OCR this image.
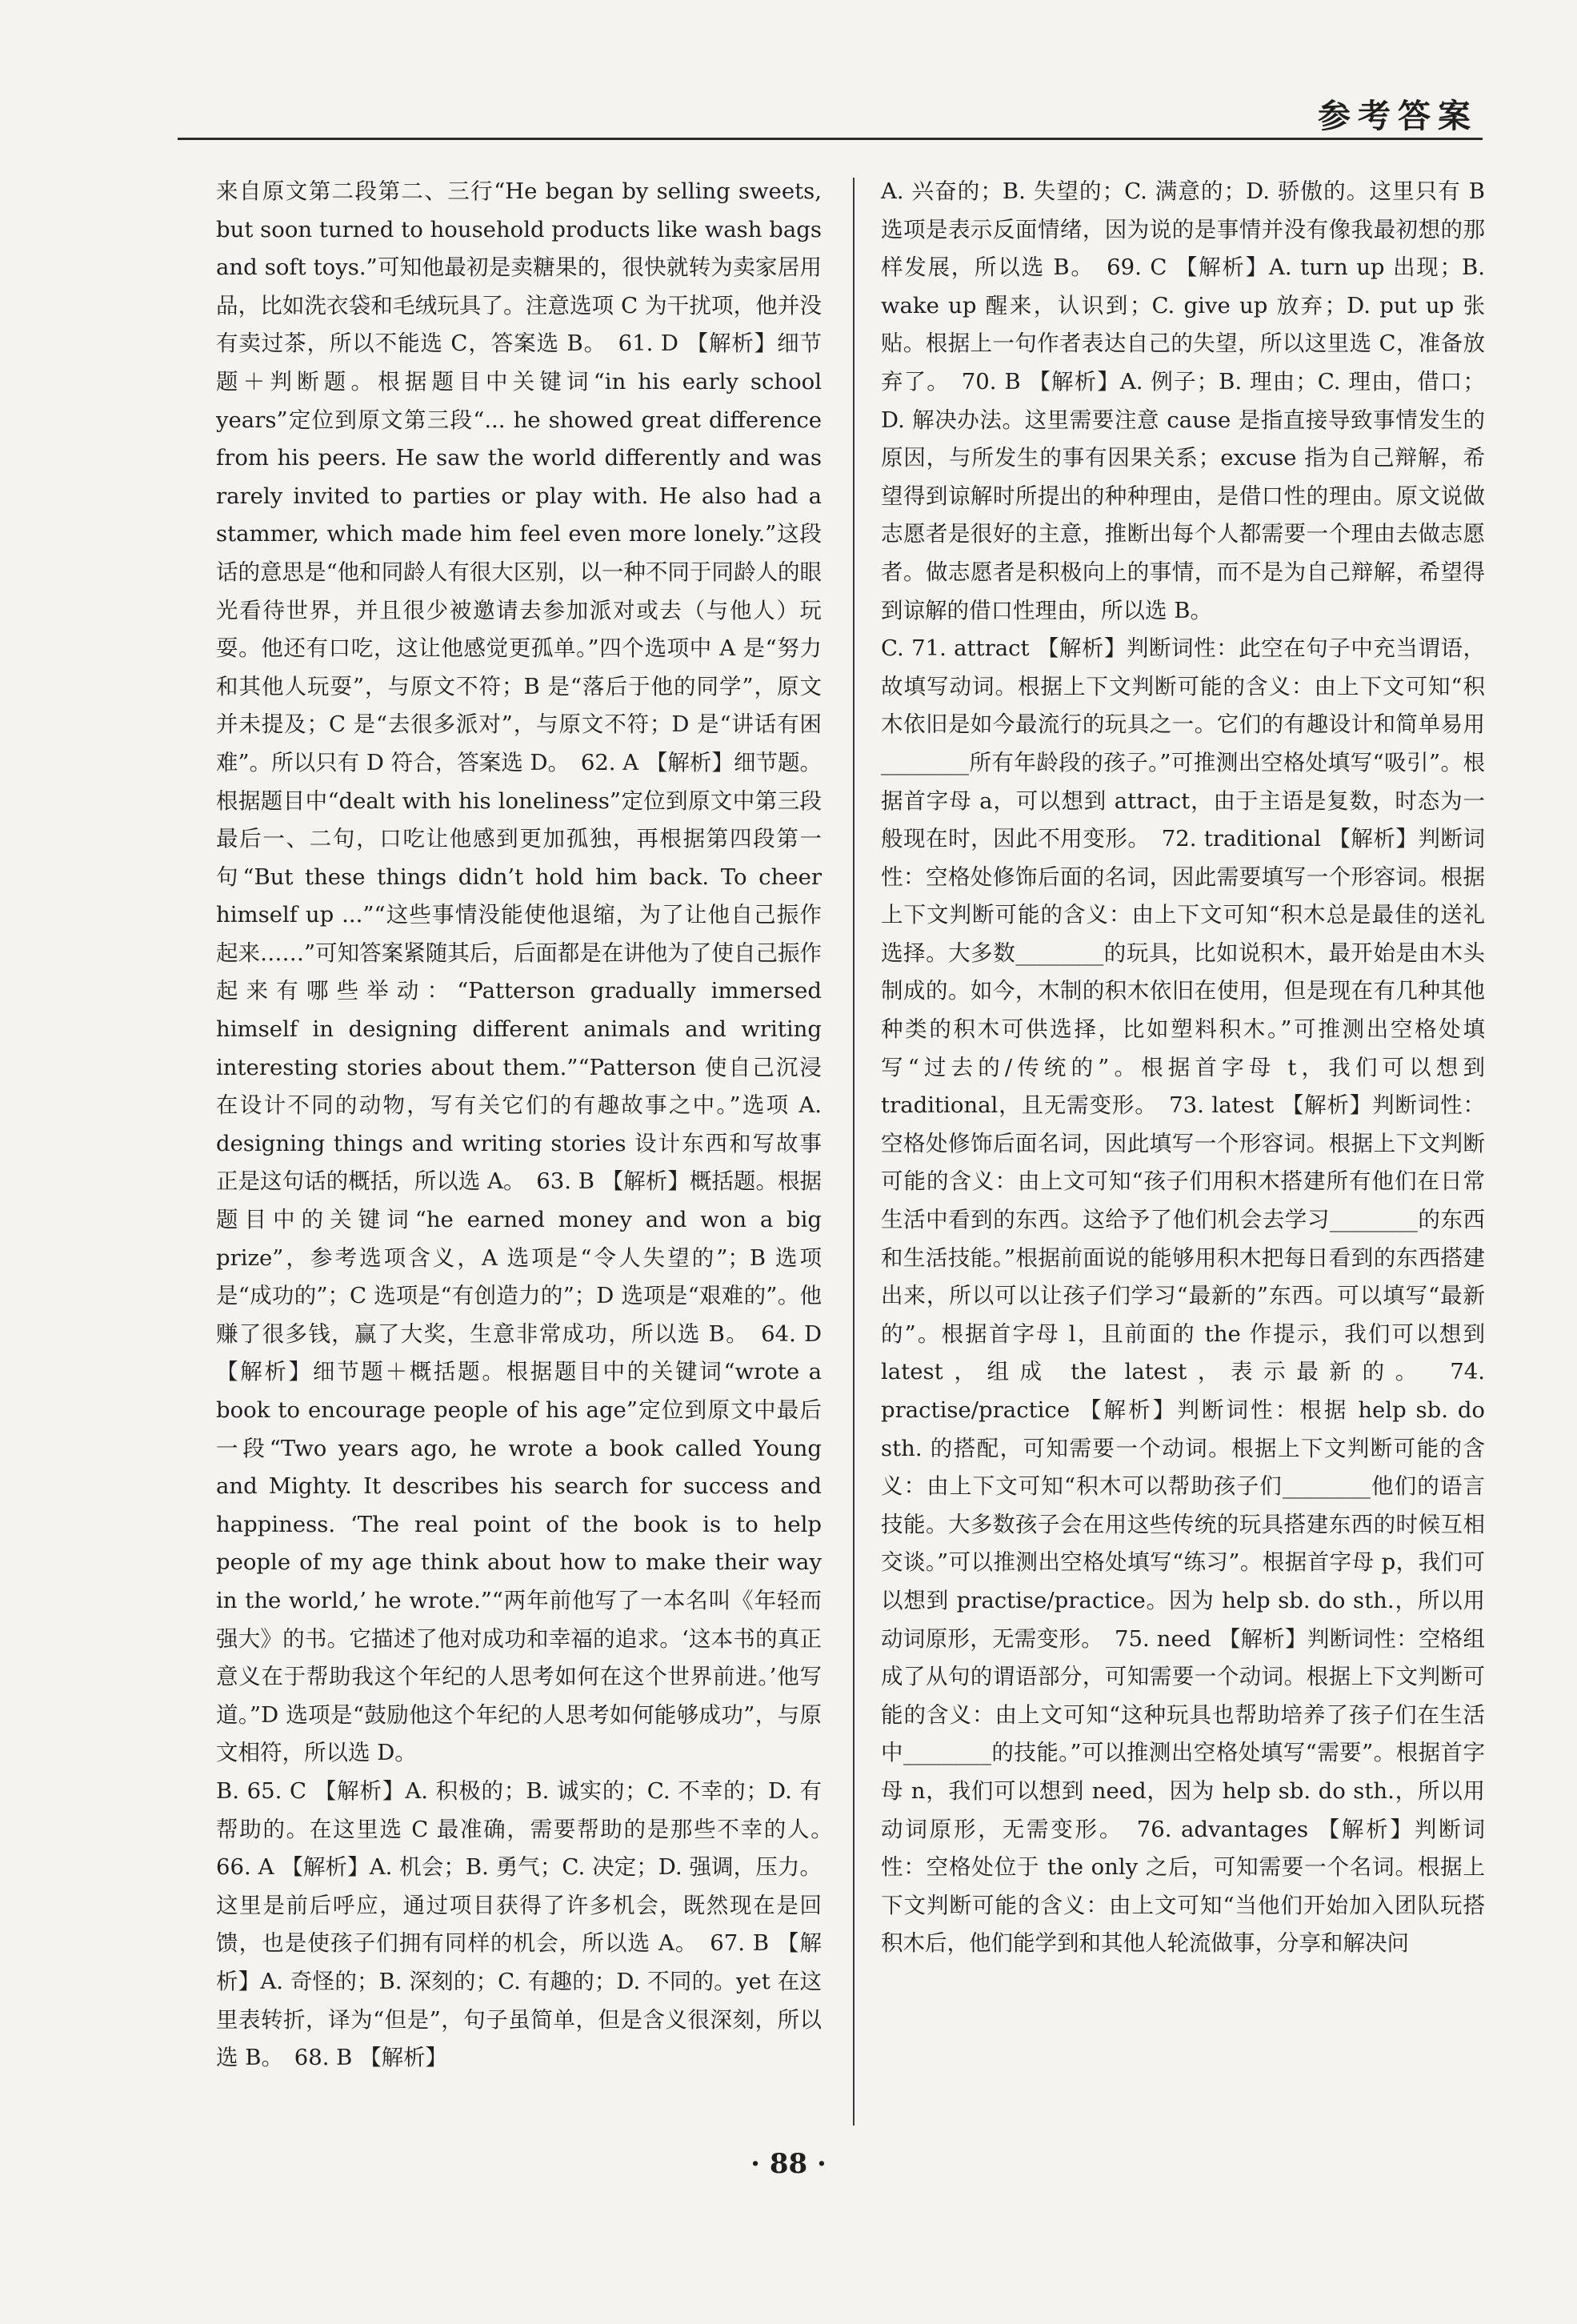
参考答案

来自原文第二段第二、三行“He began by selling sweets, but soon turned to household products like wash bags and soft toys.”可知他最初是卖糖果的，很快就转为卖家居用品，比如洗衣袋和毛绒玩具了。注意选项 C 为干扰项，他并没有卖过茶，所以不能选 C，答案选 B。　61. D 【解析】细节题＋判断题。根据题目中关键词“in his early school years”定位到原文第三段“... he showed great difference from his peers. He saw the world differently and was rarely invited to parties or play with. He also had a stammer, which made him feel even more lonely.”这段话的意思是“他和同龄人有很大区别，以一种不同于同龄人的眼光看待世界，并且很少被邀请去参加派对或去（与他人）玩耍。他还有口吃，这让他感觉更孤单。”四个选项中 A 是“努力和其他人玩耍”，与原文不符；B 是“落后于他的同学”，原文并未提及；C 是“去很多派对”，与原文不符；D 是“讲话有困难”。所以只有 D 符合，答案选 D。　62. A 【解析】细节题。根据题目中“dealt with his loneliness”定位到原文中第三段最后一、二句，口吃让他感到更加孤独，再根据第四段第一句“But these things didn’t hold him back. To cheer himself up ...”“这些事情没能使他退缩，为了让他自己振作起来……”可知答案紧随其后，后面都是在讲他为了使自己振作起来有哪些举动：“Patterson gradually immersed himself in designing different animals and writing interesting stories about them.”“Patterson 使自己沉浸在设计不同的动物，写有关它们的有趣故事之中。”选项 A. designing things and writing stories 设计东西和写故事正是这句话的概括，所以选 A。　63. B 【解析】概括题。根据题目中的关键词“he earned money and won a big prize”，参考选项含义，A 选项是“令人失望的”；B 选项是“成功的”；C 选项是“有创造力的”；D 选项是“艰难的”。他赚了很多钱，赢了大奖，生意非常成功，所以选 B。　64. D 【解析】细节题＋概括题。根据题目中的关键词“wrote a book to encourage people of his age”定位到原文中最后一段“Two years ago, he wrote a book called Young and Mighty. It describes his search for success and happiness. ‘The real point of the book is to help people of my age think about how to make their way in the world,’ he wrote.”“两年前他写了一本名叫《年轻而强大》的书。它描述了他对成功和幸福的追求。‘这本书的真正意义在于帮助我这个年纪的人思考如何在这个世界前进。’他写道。”D 选项是“鼓励他这个年纪的人思考如何能够成功”，与原文相符，所以选 D。

B. 65. C 【解析】A. 积极的；B. 诚实的；C. 不幸的；D. 有帮助的。在这里选 C 最准确，需要帮助的是那些不幸的人。　66. A 【解析】A. 机会；B. 勇气；C. 决定；D. 强调，压力。这里是前后呼应，通过项目获得了许多机会，既然现在是回馈，也是使孩子们拥有同样的机会，所以选 A。　67. B 【解析】A. 奇怪的；B. 深刻的；C. 有趣的；D. 不同的。yet 在这里表转折，译为“但是”，句子虽简单，但是含义很深刻，所以选 B。　68. B 【解析】

A. 兴奋的；B. 失望的；C. 满意的；D. 骄傲的。这里只有 B 选项是表示反面情绪，因为说的是事情并没有像我最初想的那样发展，所以选 B。　69. C 【解析】A. turn up 出现；B. wake up 醒来，认识到；C. give up 放弃；D. put up 张贴。根据上一句作者表达自己的失望，所以这里选 C，准备放弃了。　70. B 【解析】A. 例子；B. 理由；C. 理由，借口；D. 解决办法。这里需要注意 cause 是指直接导致事情发生的原因，与所发生的事有因果关系；excuse 指为自己辩解，希望得到谅解时所提出的种种理由，是借口性的理由。原文说做志愿者是很好的主意，推断出每个人都需要一个理由去做志愿者。做志愿者是积极向上的事情，而不是为自己辩解，希望得到谅解的借口性理由，所以选 B。

C. 71. attract 【解析】判断词性：此空在句子中充当谓语，故填写动词。根据上下文判断可能的含义：由上下文可知“积木依旧是如今最流行的玩具之一。它们的有趣设计和简单易用________所有年龄段的孩子。”可推测出空格处填写“吸引”。根据首字母 a，可以想到 attract，由于主语是复数，时态为一般现在时，因此不用变形。　72. traditional 【解析】判断词性：空格处修饰后面的名词，因此需要填写一个形容词。根据上下文判断可能的含义：由上下文可知“积木总是最佳的送礼选择。大多数________的玩具，比如说积木，最开始是由木头制成的。如今，木制的积木依旧在使用，但是现在有几种其他种类的积木可供选择，比如塑料积木。”可推测出空格处填写“过去的/传统的”。根据首字母 t，我们可以想到 traditional，且无需变形。　73. latest 【解析】判断词性：空格处修饰后面名词，因此填写一个形容词。根据上下文判断可能的含义：由上文可知“孩子们用积木搭建所有他们在日常生活中看到的东西。这给予了他们机会去学习________的东西和生活技能。”根据前面说的能够用积木把每日看到的东西搭建出来，所以可以让孩子们学习“最新的”东西。可以填写“最新的”。根据首字母 l，且前面的 the 作提示，我们可以想到 latest，组成 the latest，表示最新的。　74. practise/practice 【解析】判断词性：根据 help sb. do sth. 的搭配，可知需要一个动词。根据上下文判断可能的含义：由上下文可知“积木可以帮助孩子们________他们的语言技能。大多数孩子会在用这些传统的玩具搭建东西的时候互相交谈。”可以推测出空格处填写“练习”。根据首字母 p，我们可以想到 practise/practice。因为 help sb. do sth.，所以用动词原形，无需变形。　75. need 【解析】判断词性：空格组成了从句的谓语部分，可知需要一个动词。根据上下文判断可能的含义：由上文可知“这种玩具也帮助培养了孩子们在生活中________的技能。”可以推测出空格处填写“需要”。根据首字母 n，我们可以想到 need，因为 help sb. do sth.，所以用动词原形，无需变形。　76. advantages 【解析】判断词性：空格处位于 the only 之后，可知需要一个名词。根据上下文判断可能的含义：由上文可知“当他们开始加入团队玩搭积木后，他们能学到和其他人轮流做事，分享和解决问

· 88 ·
